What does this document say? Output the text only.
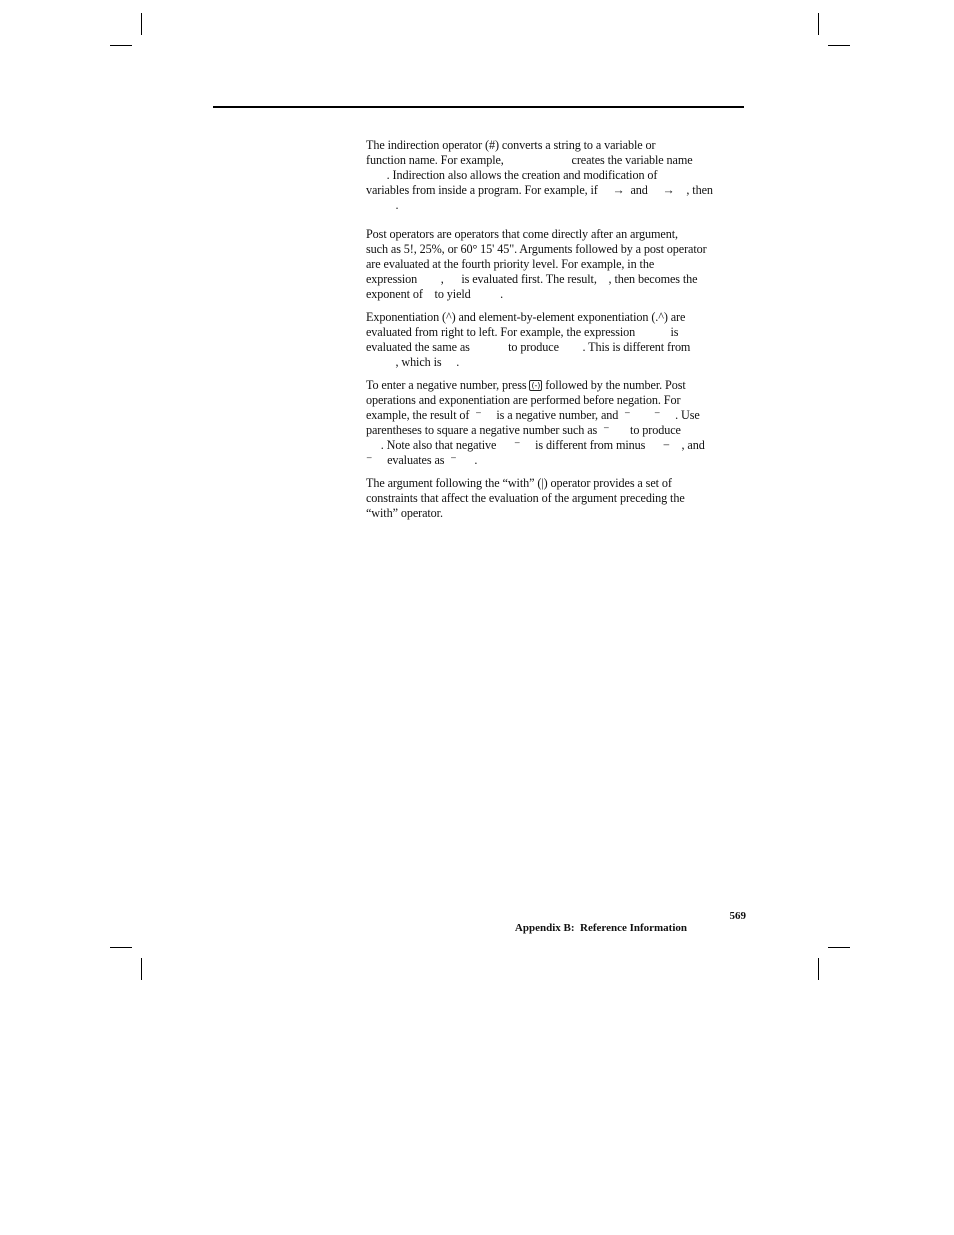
The indirection operator (#) converts a string to a variable or
function name. For example,                       creates the variable name
. Indirection also allows the creation and modification of
variables from inside a program. For example, if     →  and     →    , then
.

Post operators are operators that come directly after an argument,
such as 5!, 25%, or 60° 15' 45". Arguments followed by a post operator
are evaluated at the fourth priority level. For example, in the
expression        ,      is evaluated first. The result,    , then becomes the
exponent of    to yield          .

Exponentiation (^) and element-by-element exponentiation (.^) are
evaluated from right to left. For example, the expression            is
evaluated the same as             to produce        . This is different from
, which is     .

To enter a negative number, press (-) followed by the number. Post
operations and exponentiation are performed before negation. For
example, the result of  ⁻     is a negative number, and  ⁻        ⁻     . Use
parentheses to square a negative number such as  ⁻       to produce
. Note also that negative      ⁻     is different from minus      −    , and
⁻     evaluates as  ⁻      .

The argument following the “with” (|) operator provides a set of
constraints that affect the evaluation of the argument preceding the
“with” operator.

Appendix B:  Reference Information

569
